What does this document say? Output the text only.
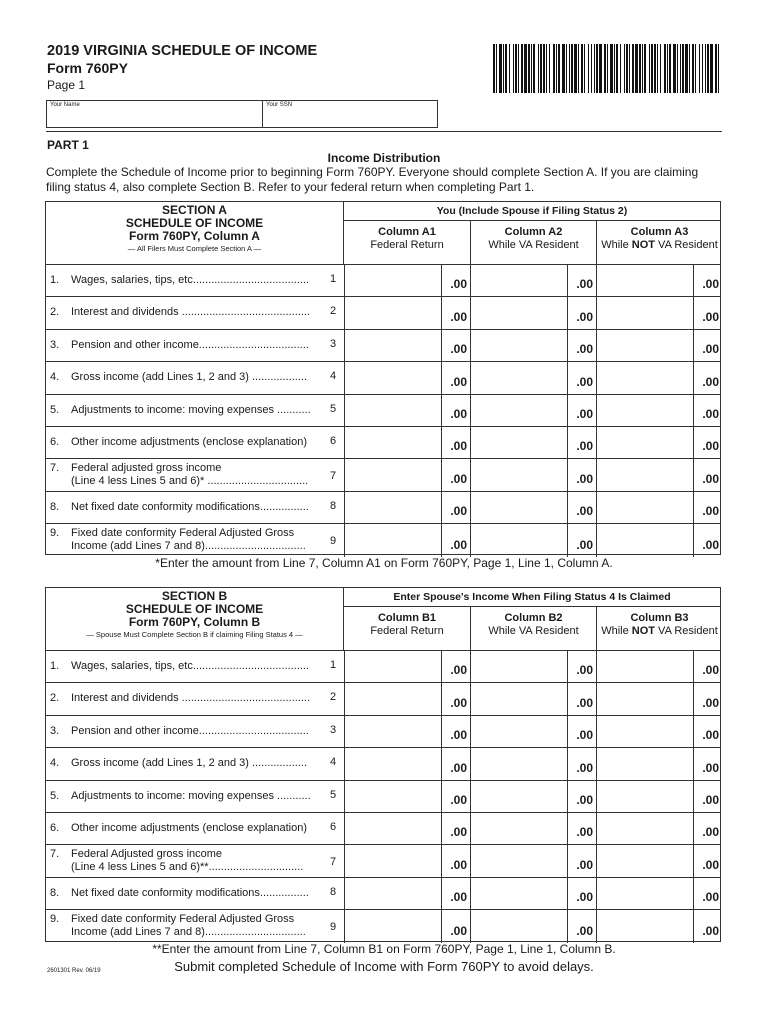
2019 VIRGINIA SCHEDULE OF INCOME
Form 760PY
Page 1
Your Name	Your SSN
PART 1
Income Distribution
Complete the Schedule of Income prior to beginning Form 760PY. Everyone should complete Section A. If you are claiming filing status 4, also complete Section B. Refer to your federal return when completing Part 1.
SECTION A
SCHEDULE OF INCOME
Form 760PY, Column A
— All Filers Must Complete Section A —
You (Include Spouse if Filing Status 2)
Column A1
Federal Return
Column A2
While VA Resident
Column A3
While NOT VA Resident
1. Wages, salaries, tips, etc......................................	1	.00	.00	.00
2. Interest and dividends ..........................................	2	.00	.00	.00
3. Pension and other income....................................	3	.00	.00	.00
4. Gross income (add Lines 1, 2 and 3) ..................	4	.00	.00	.00
5. Adjustments to income: moving expenses ...........	5	.00	.00	.00
6. Other income adjustments (enclose explanation)	6	.00	.00	.00
7. Federal adjusted gross income
(Line 4 less Lines 5 and 6)* .................................	7	.00	.00	.00
8. Net fixed date conformity modifications................	8	.00	.00	.00
9. Fixed date conformity Federal Adjusted Gross
Income (add Lines 7 and 8).................................	9	.00	.00	.00
*Enter the amount from Line 7, Column A1 on Form 760PY, Page 1, Line 1, Column A.
SECTION B
SCHEDULE OF INCOME
Form 760PY, Column B
— Spouse Must Complete Section B if claiming Filing Status 4 —
Enter Spouse's Income When Filing Status 4 Is Claimed
Column B1
Federal Return
Column B2
While VA Resident
Column B3
While NOT VA Resident
1. Wages, salaries, tips, etc......................................	1	.00	.00	.00
2. Interest and dividends ..........................................	2	.00	.00	.00
3. Pension and other income....................................	3	.00	.00	.00
4. Gross income (add Lines 1, 2 and 3) ..................	4	.00	.00	.00
5. Adjustments to income: moving expenses ...........	5	.00	.00	.00
6. Other income adjustments (enclose explanation)	6	.00	.00	.00
7. Federal Adjusted gross income
(Line 4 less Lines 5 and 6)**...............................	7	.00	.00	.00
8. Net fixed date conformity modifications................	8	.00	.00	.00
9. Fixed date conformity Federal Adjusted Gross
Income (add Lines 7 and 8).................................	9	.00	.00	.00
**Enter the amount from Line 7, Column B1 on Form 760PY, Page 1, Line 1, Column B.
2601301 Rev. 06/19	Submit completed Schedule of Income with Form 760PY to avoid delays.
